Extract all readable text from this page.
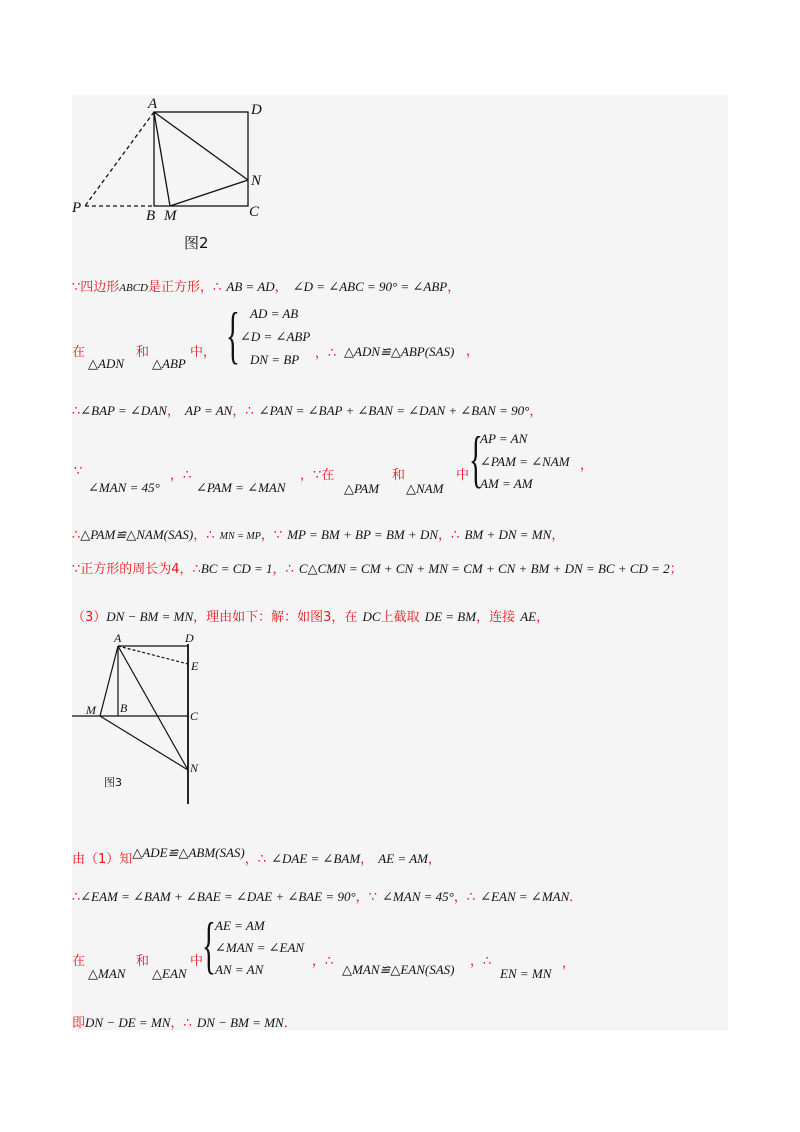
A	D
N
P	B M	C
图2
∵四边形ABCD是正方形，∴ AB = AD， ∠D = ∠ABC = 90° = ∠ABP，
在
△ADN
和
△ABP
中， { AD = AB
∠D = ∠ABP
DN = BP ，∴ △ADN≌△ABP(SAS) ，
∴∠BAP = ∠DAN， AP = AN，∴ ∠PAN = ∠BAP + ∠BAN = ∠DAN + ∠BAN = 90°，
∵
∠MAN = 45°
，∴
∠PAM = ∠MAN
，∵在
△PAM
和
△NAM
中 {
AP = AN
∠PAM = ∠NAM
AM = AM
，
∴△PAM≌△NAM(SAS)，∴ MN = MP，∵ MP = BM + BP = BM + DN，∴ BM + DN = MN，
∵正方形的周长为4，∴BC = CD = 1，∴ C△CMN = CM + CN + MN = CM + CN + BM + DN = BC + CD = 2；
（3）DN − BM = MN，理由如下：解：如图3，在 DC上截取 DE = BM，连接 AE，
A	D
E
M B
C
N
图3
$_{由(1)知}\triangle ADE≌\triangle ABM(SAS)_{,\therefore}$ $_{\angle DAE = \angle BAM,}$ $_{AE = AM,}$
∴∠EAM = ∠BAM + ∠BAE = ∠DAE + ∠BAE = 90°，∵ ∠MAN = 45°，∴ ∠EAN = ∠MAN．
在
△MAN
和
△EAN
中
{ AE = AM
∠MAN = ∠EAN
AN = AN
，∴
△MAN≌△EAN(SAS)
，∴
EN = MN
，
即DN − DE = MN，∴ DN − BM = MN．
